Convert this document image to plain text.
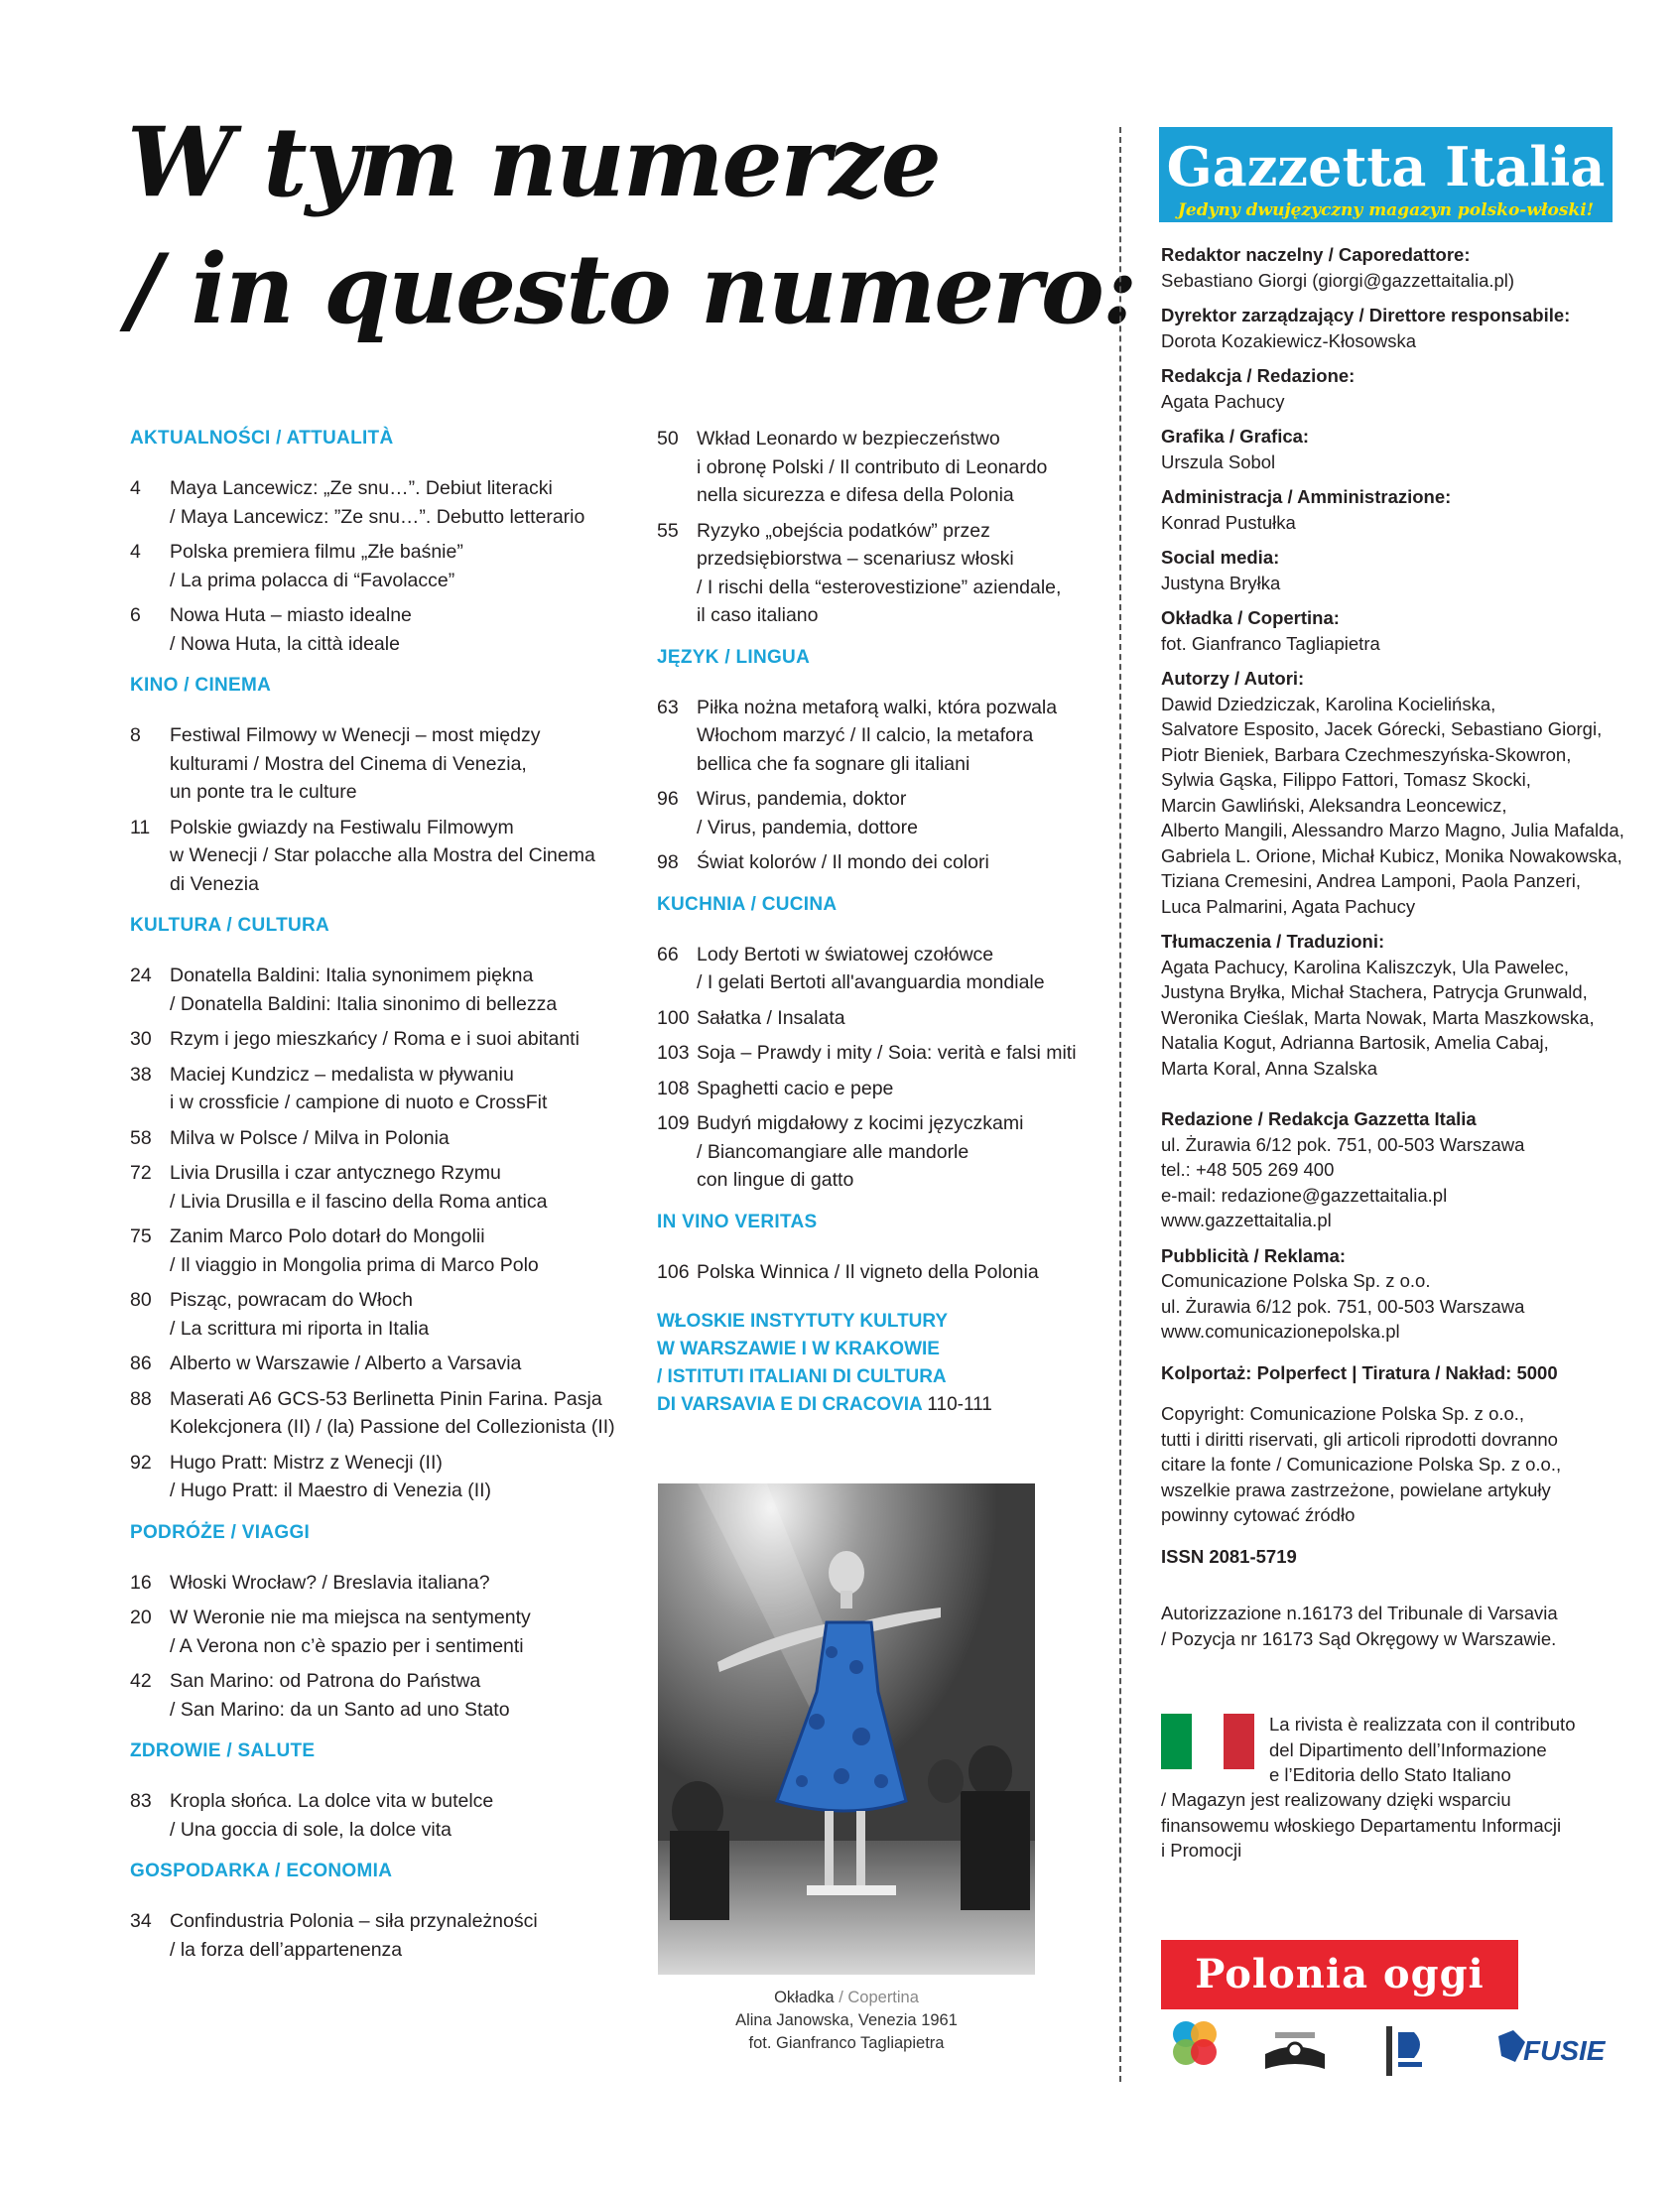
W tym numerze
/ in questo numero:
AKTUALNOŚCI / ATTUALITÀ
4	Maya Lancewicz: „Ze snu…”. Debiut literacki
/ Maya Lancewicz: ”Ze snu…”. Debutto letterario
4	Polska premiera filmu „Złe baśnie”
/ La prima polacca di “Favolacce”
6	Nowa Huta – miasto idealne
/ Nowa Huta, la città ideale
KINO / CINEMA
8	Festiwal Filmowy w Wenecji – most między
kulturami / Mostra del Cinema di Venezia,
un ponte tra le culture
11	Polskie gwiazdy na Festiwalu Filmowym
w Wenecji / Star polacche alla Mostra del Cinema
di Venezia
KULTURA / CULTURA
24 Donatella Baldini: Italia synonimem piękna
/ Donatella Baldini: Italia sinonimo di bellezza
30 Rzym i jego mieszkańcy / Roma e i suoi abitanti
38 Maciej Kundzicz – medalista w pływaniu
i w crossficie / campione di nuoto e CrossFit
58 Milva w Polsce / Milva in Polonia
72 Livia Drusilla i czar antycznego Rzymu
/ Livia Drusilla e il fascino della Roma antica
75 Zanim Marco Polo dotarł do Mongolii
/ Il viaggio in Mongolia prima di Marco Polo
80 Pisząc, powracam do Włoch
/ La scrittura mi riporta in Italia
86 Alberto w Warszawie / Alberto a Varsavia
88 Maserati A6 GCS-53 Berlinetta Pinin Farina. Pasja
Kolekcjonera (II) / (la) Passione del Collezionista (II)
92 Hugo Pratt: Mistrz z Wenecji (II)
/ Hugo Pratt: il Maestro di Venezia (II)
PODRÓŻE / VIAGGI
16 Włoski Wrocław? / Breslavia italiana?
20 W Weronie nie ma miejsca na sentymenty
/ A Verona non c’è spazio per i sentimenti
42 San Marino: od Patrona do Państwa
/ San Marino: da un Santo ad uno Stato
ZDROWIE / SALUTE
83 Kropla słońca. La dolce vita w butelce
/ Una goccia di sole, la dolce vita
GOSPODARKA / ECONOMIA
34 Confindustria Polonia – siła przynależności
/ la forza dell’appartenenza
50 Wkład Leonardo w bezpieczeństwo
i obronę Polski / Il contributo di Leonardo
nella sicurezza e difesa della Polonia
55 Ryzyko „obejścia podatków” przez
przedsiębiorstwa – scenariusz włoski
/ I rischi della “esterovestizione” aziendale,
il caso italiano
JĘZYK / LINGUA
63 Piłka nożna metaforą walki, która pozwala
Włochom marzyć / Il calcio, la metafora
bellica che fa sognare gli italiani
96 Wirus, pandemia, doktor
/ Virus, pandemia, dottore
98 Świat kolorów / Il mondo dei colori
KUCHNIA / CUCINA
66 Lody Bertoti w światowej czołówce
/ I gelati Bertoti all'avanguardia mondiale
100 Sałatka / Insalata
103 Soja – Prawdy i mity / Soia: verità e falsi miti
108 Spaghetti cacio e pepe
109 Budyń migdałowy z kocimi języczkami
/ Biancomangiare alle mandorle
con lingue di gatto
IN VINO VERITAS
106 Polska Winnica / Il vigneto della Polonia
WŁOSKIE INSTYTUTY KULTURY
W WARSZAWIE I W KRAKOWIE
/ ISTITUTI ITALIANI DI CULTURA
DI VARSAVIA E DI CRACOVIA 110-111
Okładka / Copertina
Alina Janowska, Venezia 1961
fot. Gianfranco Tagliapietra
Gazzetta Italia
Jedyny dwujęzyczny magazyn polsko-włoski!
Redaktor naczelny / Caporedattore:
Sebastiano Giorgi (giorgi@gazzettaitalia.pl)
Dyrektor zarządzający / Direttore responsabile:
Dorota Kozakiewicz-Kłosowska
Redakcja / Redazione:
Agata Pachucy
Grafika / Grafica:
Urszula Sobol
Administracja / Amministrazione:
Konrad Pustułka
Social media:
Justyna Bryłka
Okładka / Copertina:
fot. Gianfranco Tagliapietra
Autorzy / Autori:
Dawid Dziedziczak, Karolina Kocielińska,
Salvatore Esposito, Jacek Górecki, Sebastiano Giorgi,
Piotr Bieniek, Barbara Czechmeszyńska-Skowron,
Sylwia Gąska, Filippo Fattori, Tomasz Skocki,
Marcin Gawliński, Aleksandra Leoncewicz,
Alberto Mangili, Alessandro Marzo Magno, Julia Mafalda,
Gabriela L. Orione, Michał Kubicz, Monika Nowakowska,
Tiziana Cremesini, Andrea Lamponi, Paola Panzeri,
Luca Palmarini, Agata Pachucy
Tłumaczenia / Traduzioni:
Agata Pachucy, Karolina Kaliszczyk, Ula Pawelec,
Justyna Bryłka, Michał Stachera, Patrycja Grunwald,
Weronika Cieślak, Marta Nowak, Marta Maszkowska,
Natalia Kogut, Adrianna Bartosik, Amelia Cabaj,
Marta Koral, Anna Szalska
Redazione / Redakcja Gazzetta Italia
ul. Żurawia 6/12 pok. 751, 00-503 Warszawa
tel.: +48 505 269 400
e-mail: redazione@gazzettaitalia.pl
www.gazzettaitalia.pl
Pubblicità / Reklama:
Comunicazione Polska Sp. z o.o.
ul. Żurawia 6/12 pok. 751, 00-503 Warszawa
www.comunicazionepolska.pl
Kolportaż: Polperfect | Tiratura / Nakład: 5000
Copyright: Comunicazione Polska Sp. z o.o.,
tutti i diritti riservati, gli articoli riprodotti dovranno
citare la fonte / Comunicazione Polska Sp. z o.o.,
wszelkie prawa zastrzeżone, powielane artykuły
powinny cytować źródło
ISSN 2081-5719
Autorizzazione n.16173 del Tribunale di Varsavia
/ Pozycja nr 16173 Sąd Okręgowy w Warszawie.
La rivista è realizzata con il contributo
del Dipartimento dell’Informazione
e l’Editoria dello Stato Italiano
/ Magazyn jest realizowany dzięki wsparciu
finansowemu włoskiego Departamentu Informacji
i Promocji
Polonia oggi
FUSIE
